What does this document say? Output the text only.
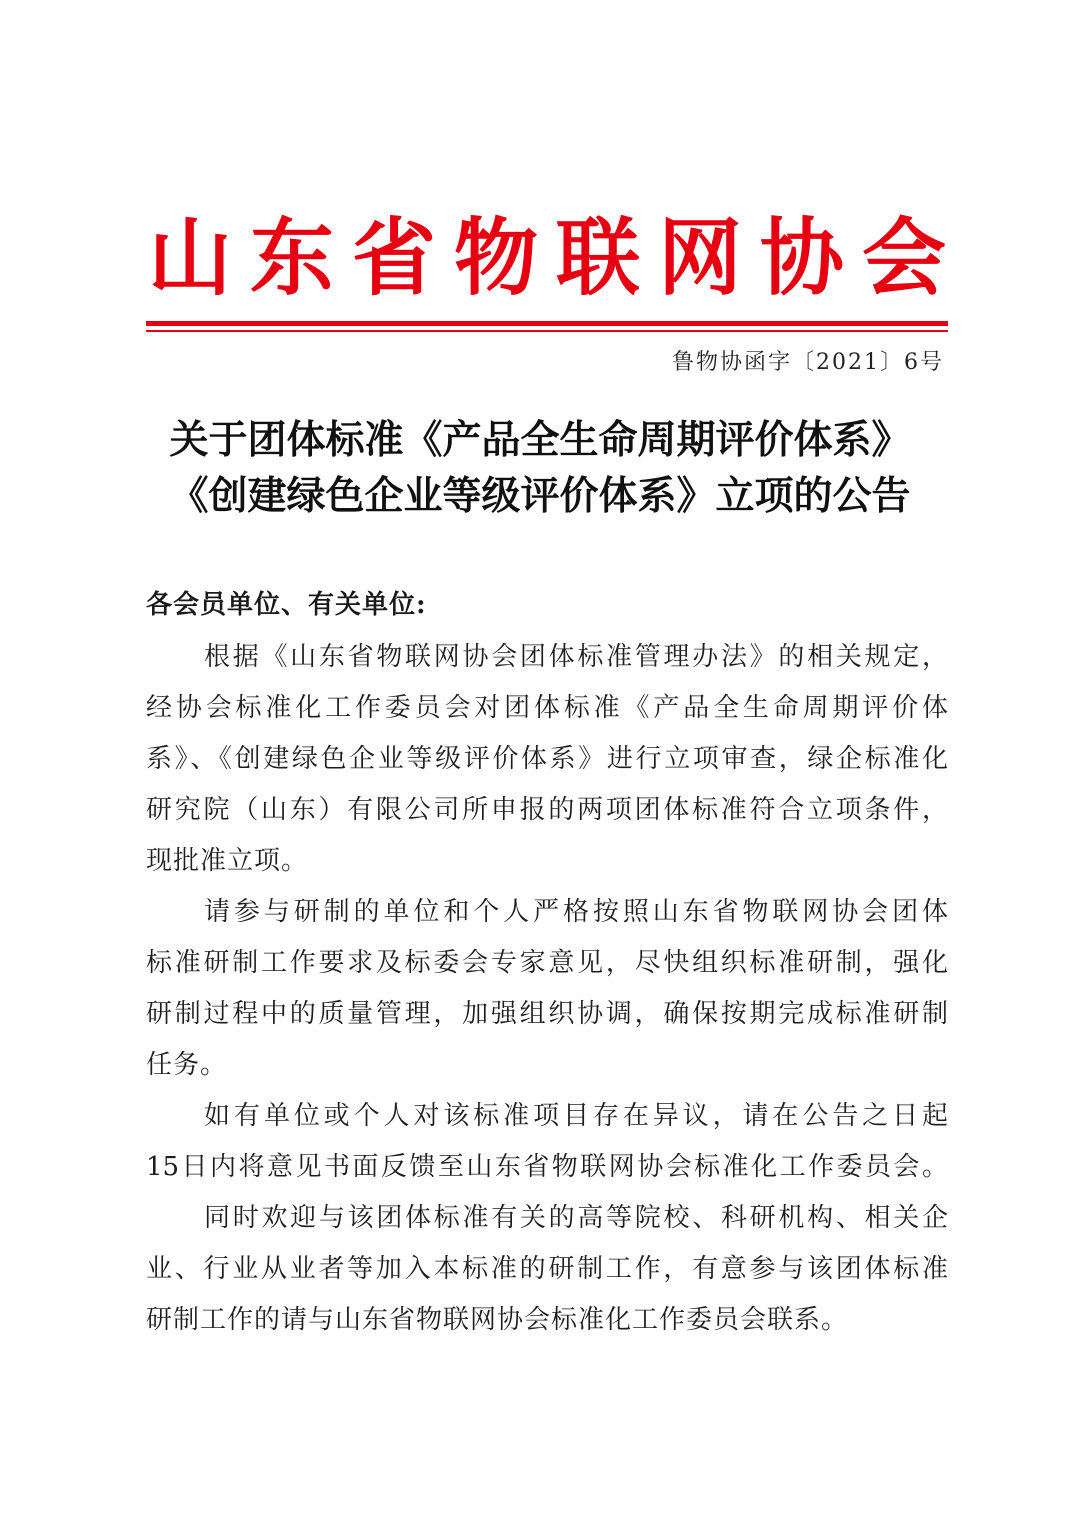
山 东 省 物 联 网 协 会
鲁物协函字〔2021〕6号
关于团体标准《产品全生命周期评价体系》
《创建绿色企业等级评价体系》立项的公告
各会员单位、有关单位:
根据《山东省物联网协会团体标准管理办法》的相关规定，
经协会标准化工作委员会对团体标准《产品全生命周期评价体
系》、《创建绿色企业等级评价体系》进行立项审查，绿企标准化
研究院（山东）有限公司所申报的两项团体标准符合立项条件，
现批准立项。
请参与研制的单位和个人严格按照山东省物联网协会团体
标准研制工作要求及标委会专家意见，尽快组织标准研制，强化
研制过程中的质量管理，加强组织协调，确保按期完成标准研制
任务。
如有单位或个人对该标准项目存在异议，请在公告之日起
15日内将意见书面反馈至山东省物联网协会标准化工作委员会。
同时欢迎与该团体标准有关的高等院校、科研机构、相关企
业、行业从业者等加入本标准的研制工作，有意参与该团体标准
研制工作的请与山东省物联网协会标准化工作委员会联系。
